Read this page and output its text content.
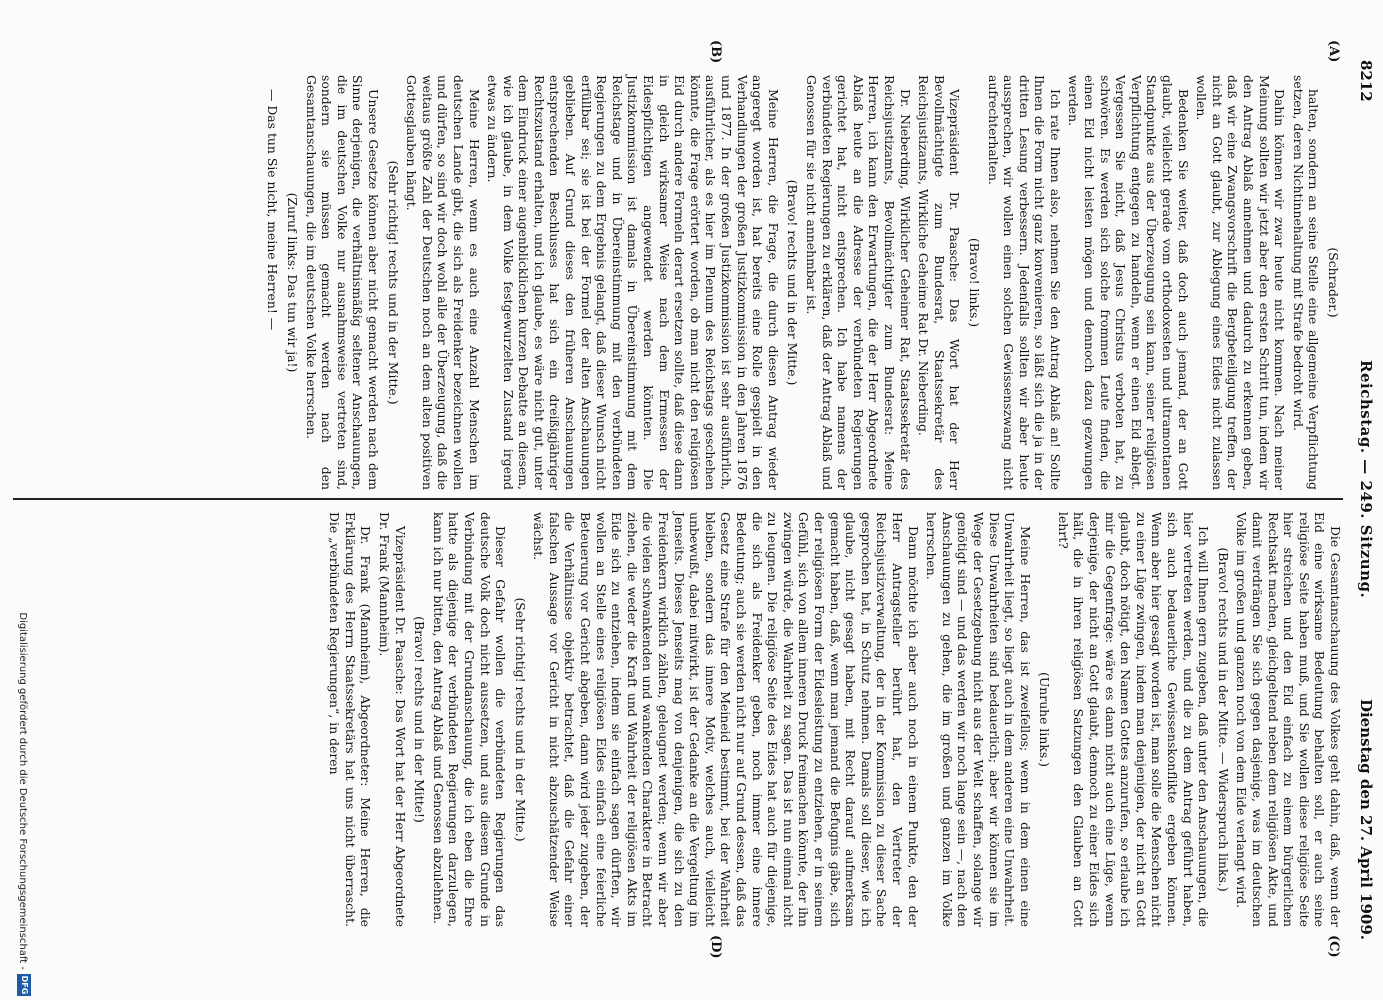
8212
Reichstag. — 249. Sitzung.
Dienstag den 27. April 1909.
(A)
(B)
(C)
(D)

(Schrader.)

halten, sondern an seine Stelle eine allgemeine Verpflichtung setzen, deren Nichtinnehaltung mit Strafe bedroht wird.

Dahin können wir zwar heute nicht kommen. Nach meiner Meinung sollten wir jetzt aber den ersten Schritt tun, indem wir den Antrag Ablaß annehmen und dadurch zu erkennen geben, daß wir eine Zwangsvorschrift die Bergbeteiligung treffen, der nicht an Gott glaubt, zur Ablegung eines Eides nicht zulassen wollen.

Bedenken Sie weiter, daß doch auch jemand, der an Gott glaubt, vielleicht gerade vom orthodoxesten und ultramontanen Standpunkte aus der Überzeugung sein kann, seiner religiösen Verpflichtung entgegen zu handeln, wenn er einen Eid ablegt. Vergessen Sie nicht, daß Jesus Christus verboten hat, zu schwören. Es werden sich solche frommen Leute finden, die einen Eid nicht leisten mögen und dennoch dazu gezwungen werden.

Ich rate Ihnen also, nehmen Sie den Antrag Ablaß an! Sollte Ihnen die Form nicht ganz konvenieren, so läßt sich die ja in der dritten Lesung verbessern. Jedenfalls sollten wir aber heute aussprechen, wir wollen einen solchen Gewissenszwang nicht aufrechterhalten.

(Bravo! links.)

Vizepräsident Dr. Paasche: Das Wort hat der Herr Bevollmächtigte zum Bundesrat, Staatssekretär des Reichsjustizamts, Wirkliche Geheime Rat Dr. Nieberding.

Dr. Nieberding, Wirklicher Geheimer Rat, Staatssekretär des Reichsjustizamts, Bevollmächtigter zum Bundesrat: Meine Herren, ich kann den Erwartungen, die der Herr Abgeordnete Ablaß heute an die Adresse der verbündeten Regierungen gerichtet hat, nicht entsprechen. Ich habe namens der verbündeten Regierungen zu erklären, daß der Antrag Ablaß und Genossen für sie nicht annehmbar ist.

(Bravo! rechts und in der Mitte.)

Meine Herren, die Frage, die durch diesen Antrag wieder angeregt worden ist, hat bereits eine Rolle gespielt in den Verhandlungen der großen Justizkommission in den Jahren 1876 und 1877. In der großen Justizkommission ist sehr ausführlich, ausführlicher, als es hier im Plenum des Reichstags geschehen könnte, die Frage erörtert worden, ob man nicht den religiösen Eid durch andere Formeln derart ersetzen sollte, daß diese dann in gleich wirksamer Weise nach dem Ermessen der Eidespflichtigen angewendet werden könnten. Die Justizkommission ist damals in Übereinstimmung mit dem Reichstage und in Übereinstimmung mit den verbündeten Regierungen zu dem Ergebnis gelangt, daß dieser Wunsch nicht erfüllbar sei; sie ist bei der Formel der alten Anschauungen geblieben. Auf Grund dieses den früheren Anschauungen entsprechenden Beschlusses hat sich ein dreißigjähriger Rechtszustand erhalten, und ich glaube, es wäre nicht gut, unter dem Eindruck einer augenblicklichen kurzen Debatte an diesem, wie ich glaube, in dem Volke festgewurzelten Zustand irgend etwas zu ändern.

Meine Herren, wenn es auch eine Anzahl Menschen im deutschen Lande gibt, die sich als Freidenker bezeichnen wollen und dürfen, so sind wir doch wohl alle der Überzeugung, daß die weitaus größte Zahl der Deutschen noch an dem alten positiven Gottesglauben hängt.

(Sehr richtig! rechts und in der Mitte.)

Unsere Gesetze können aber nicht gemacht werden nach dem Sinne derjenigen, die verhältnismäßig seltener Anschauungen, die im deutschen Volke nur ausnahmsweise vertreten sind, sondern sie müssen gemacht werden nach den Gesamtanschauungen, die im deutschen Volke herrschen.

(Zuruf links: Das tun wir ja!)

— Das tun Sie nicht, meine Herren! —

Die Gesamtanschauung des Volkes geht dahin, daß, wenn der Eid eine wirksame Bedeutung behalten soll, er auch seine religiöse Seite haben muß, und Sie wollen diese religiöse Seite hier streichen und den Eid einfach zu einem bürgerlichen Rechtsakt machen, gleichgeltend neben dem religiösen Akte, und damit verdrängen Sie sich gegen dasjenige, was im deutschen Volke im großen und ganzen noch von dem Eide verlangt wird.

(Bravo! rechts und in der Mitte. — Widerspruch links.)

Ich will Ihnen gern zugeben, daß unter den Anschauungen, die hier vertreten werden, und die zu dem Antrag geführt haben, sich auch bedauerliche Gewissenskonflikte ergeben können. Wenn aber hier gesagt worden ist, man solle die Menschen nicht zu einer Lüge zwingen, indem man denjenigen, der nicht an Gott glaubt, doch nötigt, den Namen Gottes anzurufen, so erlaube ich mir die Gegenfrage: wäre es dann nicht auch eine Lüge, wenn derjenige, der nicht an Gott glaubt, dennoch zu einer Eides sich hält, die in ihren religiösen Satzungen den Glauben an Gott lehrt?

(Unruhe links.)

Meine Herren, das ist zweifellos; wenn in dem einen eine Unwahrheit liegt, so liegt auch in dem anderen eine Unwahrheit. Diese Unwahrheiten sind bedauerlich; aber wir können sie im Wege der Gesetzgebung nicht aus der Welt schaffen, solange wir genötigt sind — und das werden wir noch lange sein —, nach den Anschauungen zu gehen, die im großen und ganzen im Volke herrschen.

Dann möchte ich aber auch noch in einem Punkte, den der Herr Antragsteller berührt hat, den Vertreter der Reichsjustizverwaltung, der in der Kommission zu dieser Sache gesprochen hat, in Schutz nehmen. Damals soll dieser, wie ich glaube, nicht gesagt haben, mit Recht darauf aufmerksam gemacht haben, daß, wenn man jemand die Befugnis gäbe, sich der religiösen Form der Eidesleistung zu entziehen, er in seinem Gefühl, sich von allem inneren Druck freimachen könnte, der ihn zwingen würde, die Wahrheit zu sagen. Das ist nun einmal nicht zu leugnen. Die religiöse Seite des Eides hat auch für diejenige, die sich als Freidenker geben, noch immer eine innere Bedeutung; auch sie werden nicht nur auf Grund dessen, daß das Gesetz eine Strafe für den Meineid bestimmt, bei der Wahrheit bleiben, sondern das innere Motiv, welches auch, vielleicht unbewußt, dabei mitwirkt, ist der Gedanke an die Vergeltung im Jenseits. Dieses Jenseits mag von denjenigen, die sich zu den Freidenkern wirklich zählen, geleugnet werden; wenn wir aber die vielen schwankenden und wankenden Charaktere in Betracht ziehen, die weder die Kraft und Wahrheit der religiösen Akts im Eide sich zu entziehen, indem sie einfach sagen dürften, wir wollen an Stelle eines religiösen Eides einfach eine feierliche Beteuerung vor Gericht abgeben, dann wird jeder zugeben, der die Verhältnisse objektiv betrachtet, daß die Gefahr einer falschen Aussage vor Gericht in nicht abzuschätzender Weise wächst.

(Sehr richtig! rechts und in der Mitte.)

Dieser Gefahr wollen die verbündeten Regierungen das deutsche Volk doch nicht aussetzen, und aus diesem Grunde in Verbindung mit der Grundanschauung, die ich eben die Ehre hatte als diejenige der verbündeten Regierungen darzulegen, kann ich nur bitten, den Antrag Ablaß und Genossen abzulehnen.

(Bravo! rechts und in der Mitte!)

Vizepräsident Dr. Paasche: Das Wort hat der Herr Abgeordnete Dr. Frank (Mannheim).

Dr. Frank (Mannheim), Abgeordneter: Meine Herren, die Erklärung des Herrn Staatssekretärs hat uns nicht überrascht. Die „verbündeten Regierungen“, in deren

Digitalisierung gefördert durch die Deutsche Forschungsgemeinschaft -
DFG
